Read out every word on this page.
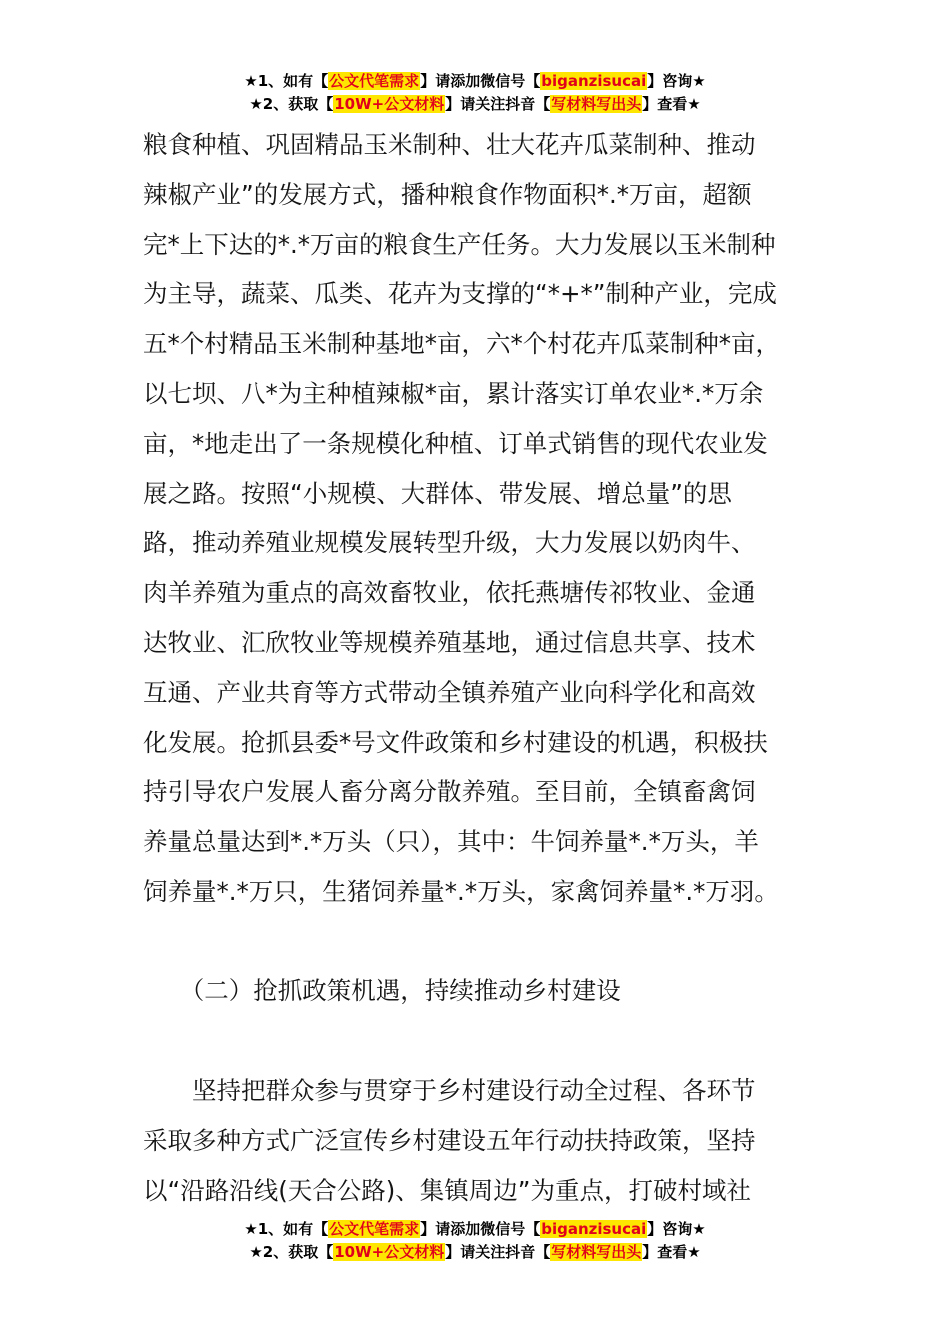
★1、如有【公文代笔需求】请添加微信号【biganzisucai】咨询★
★2、获取【10W+公文材料】请关注抖音【写材料写出头】查看★
粮食种植、巩固精品玉米制种、壮大花卉瓜菜制种、推动
辣椒产业”的发展方式，播种粮食作物面积*.*万亩，超额
完*上下达的*.*万亩的粮食生产任务。大力发展以玉米制种
为主导，蔬菜、瓜类、花卉为支撑的“*+*”制种产业，完成
五*个村精品玉米制种基地*亩，六*个村花卉瓜菜制种*亩，
以七坝、八*为主种植辣椒*亩，累计落实订单农业*.*万余
亩，*地走出了一条规模化种植、订单式销售的现代农业发
展之路。按照“小规模、大群体、带发展、增总量”的思
路，推动养殖业规模发展转型升级，大力发展以奶肉牛、
肉羊养殖为重点的高效畜牧业，依托燕塘传祁牧业、金通
达牧业、汇欣牧业等规模养殖基地，通过信息共享、技术
互通、产业共育等方式带动全镇养殖产业向科学化和高效
化发展。抢抓县委*号文件政策和乡村建设的机遇，积极扶
持引导农户发展人畜分离分散养殖。至目前，全镇畜禽饲
养量总量达到*.*万头（只），其中：牛饲养量*.*万头，羊
饲养量*.*万只，生猪饲养量*.*万头，家禽饲养量*.*万羽。
　　（二）抢抓政策机遇，持续推动乡村建设
　　坚持把群众参与贯穿于乡村建设行动全过程、各环节
采取多种方式广泛宣传乡村建设五年行动扶持政策，坚持
以“沿路沿线(天合公路)、集镇周边”为重点，打破村域社
★1、如有【公文代笔需求】请添加微信号【biganzisucai】咨询★
★2、获取【10W+公文材料】请关注抖音【写材料写出头】查看★
